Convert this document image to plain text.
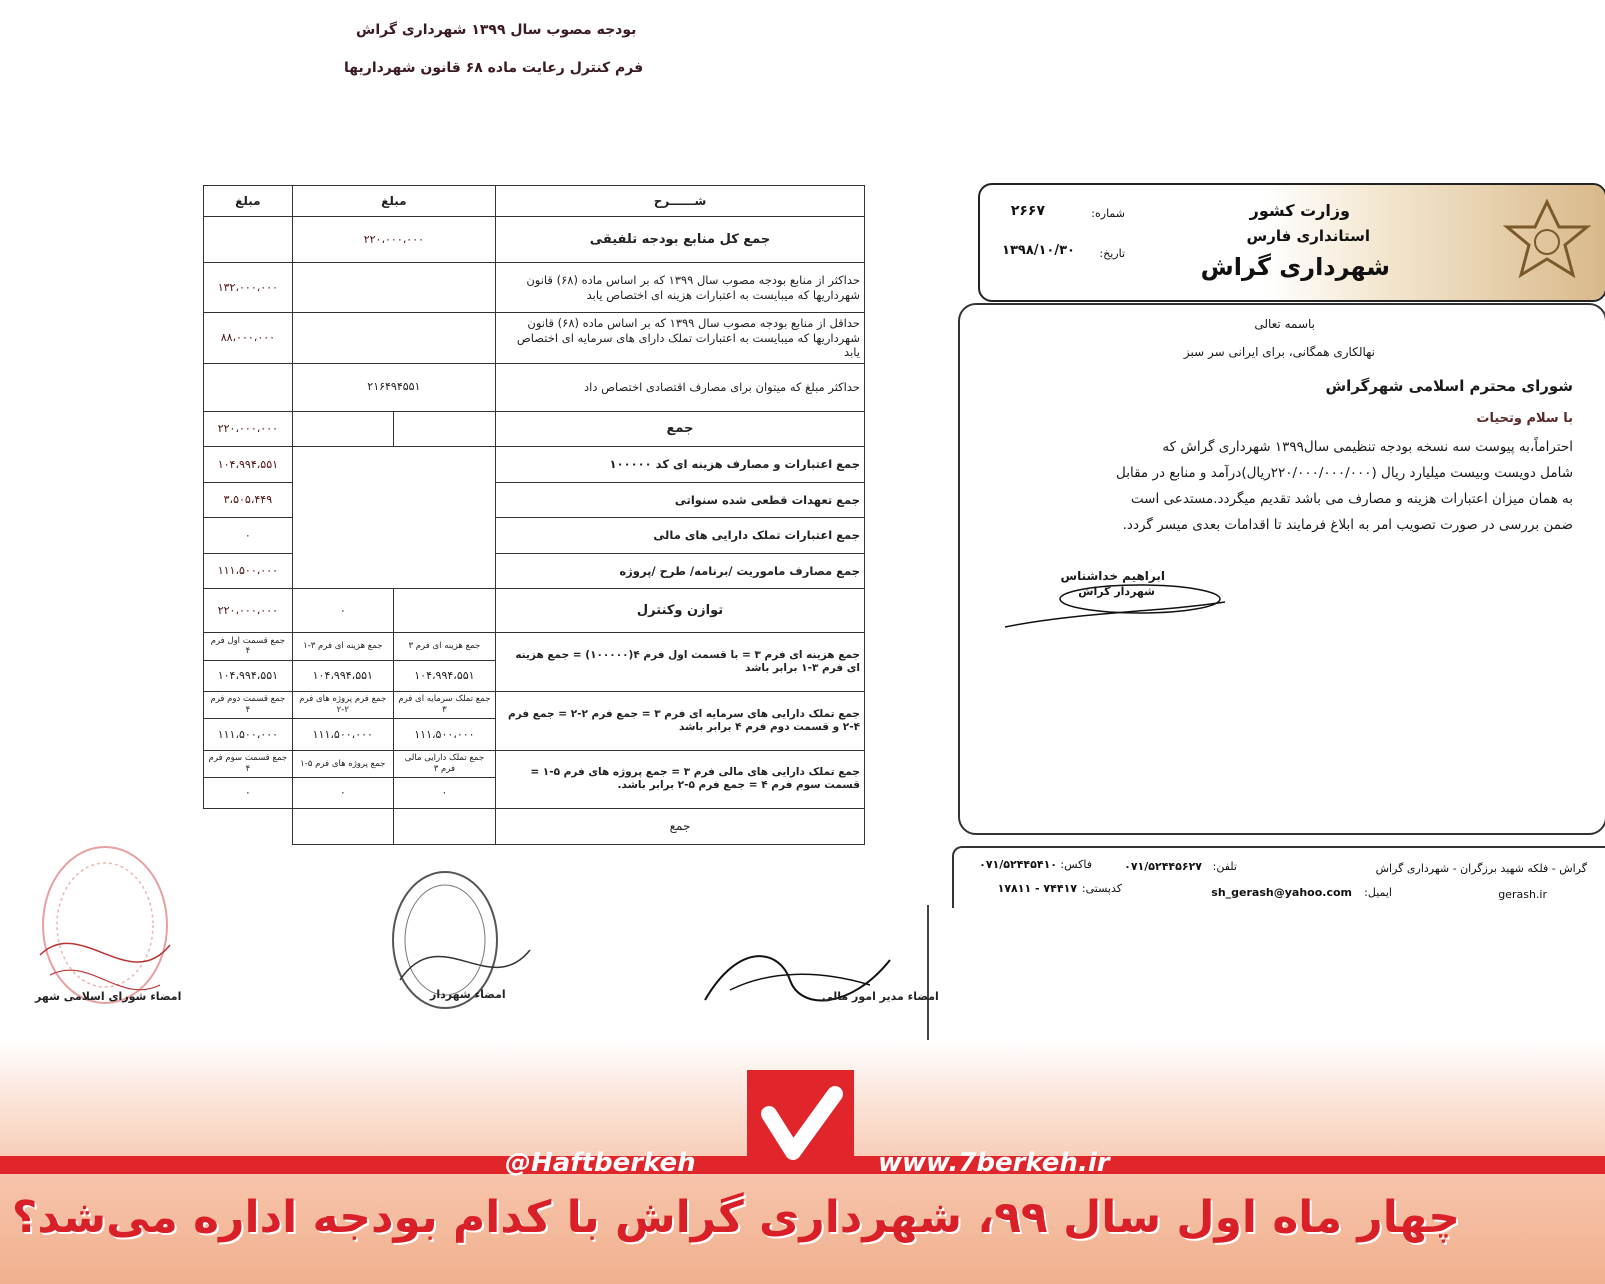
بودجه مصوب سال ۱۳۹۹ شهرداری گراش
فرم کنترل رعایت ماده ۶۸ قانون شهرداریها
شــــــرح	مبلغ		مبلغ
جمع کل منابع بودجه تلفیقی	۲۲۰،۰۰۰،۰۰۰		
حداکثر از منابع بودجه مصوب سال ۱۳۹۹ که بر اساس ماده (۶۸) قانون شهرداریها که میبایست به اعتبارات هزینه ای اختصاص یابد			۱۳۲،۰۰۰،۰۰۰
حداقل از منابع بودجه مصوب سال ۱۳۹۹ که بر اساس ماده (۶۸) قانون شهرداریها که میبایست به اعتبارات تملک دارای های سرمایه ای اختصاص یابد			۸۸،۰۰۰،۰۰۰
حداکثر مبلغ که میتوان برای مصارف اقتصادی اختصاص داد	۲۱۶۴۹۴۵۵۱		
جمع			۲۲۰،۰۰۰،۰۰۰
جمع اعتبارات و مصارف هزینه ای کد ۱۰۰۰۰۰			۱۰۴،۹۹۴،۵۵۱
جمع تعهدات قطعی شده سنواتی			۳،۵۰۵،۴۴۹
جمع اعتبارات تملک دارایی های مالی			۰
جمع مصارف ماموریت /برنامه/ طرح /پروژه			۱۱۱،۵۰۰،۰۰۰
توازن وکنترل		۰	۲۲۰،۰۰۰،۰۰۰
جمع هزینه ای فرم ۳ = با قسمت اول فرم ۴(۱۰۰۰۰۰) = جمع هزینه ای فرم ۳-۱ برابر باشد	جمع هزینه ای فرم ۳	جمع هزینه ای فرم ۳-۱	جمع قسمت اول فرم ۴
	۱۰۴،۹۹۴،۵۵۱	۱۰۴،۹۹۴،۵۵۱	۱۰۴،۹۹۴،۵۵۱
جمع تملک دارایی های سرمایه ای فرم ۳ = جمع فرم ۲-۲ = جمع فرم ۴-۲ و قسمت دوم فرم ۴ برابر باشد	جمع تملک سرمایه ای فرم ۳	جمع فرم پروژه های فرم ۲-۲	جمع قسمت دوم فرم ۴
	۱۱۱،۵۰۰،۰۰۰	۱۱۱،۵۰۰،۰۰۰	۱۱۱،۵۰۰،۰۰۰
جمع تملک دارایی های مالی فرم ۳ = جمع پروژه های فرم ۵-۱ = قسمت سوم فرم ۴ = جمع فرم ۵-۲ برابر باشد.	جمع تملک دارایی مالی فرم ۳	جمع پروژه های فرم ۵-۱	جمع قسمت سوم فرم ۴
	۰	۰	۰
جمع			
امضاء شورای اسلامی شهر	امضاء شهردار	امضاء مدیر امور مالی
وزارت کشور
استانداری فارس
شهرداری گراش
شماره:
۲۶۶۷
تاریخ:
۱۳۹۸/۱۰/۳۰
باسمه تعالی
نهالکاری همگانی، برای ایرانی سر سبز
شورای محترم اسلامی شهرگراش
با سلام وتحیات
احتراماً،به پیوست سه نسخه بودجه تنظیمی سال۱۳۹۹ شهرداری گراش که
شامل دویست وبیست میلیارد ریال (۲۲۰/۰۰۰/۰۰۰/۰۰۰ریال)درآمد و منابع در مقابل
به همان میزان اعتبارات هزینه و مصارف می باشد تقدیم میگردد.مستدعی است
ضمن بررسی در صورت تصویب امر به ابلاغ فرمایند تا اقدامات بعدی میسر گردد.
ابراهیم خداشناس
شهردار گراش
گراش - فلکه شهید برزگران - شهرداری گراش
تلفن:
۰۷۱/۵۲۴۴۵۶۲۷
فاکس:
۰۷۱/۵۲۴۴۵۴۱۰
gerash.ir
ایمیل:
sh_gerash@yahoo.com
کدپستی:
۷۴۴۱۷ - ۱۷۸۱۱
@Haftberkeh	www.7berkeh.ir
چهار ماه اول سال ۹۹، شهرداری گراش با کدام بودجه اداره می‌شد؟
